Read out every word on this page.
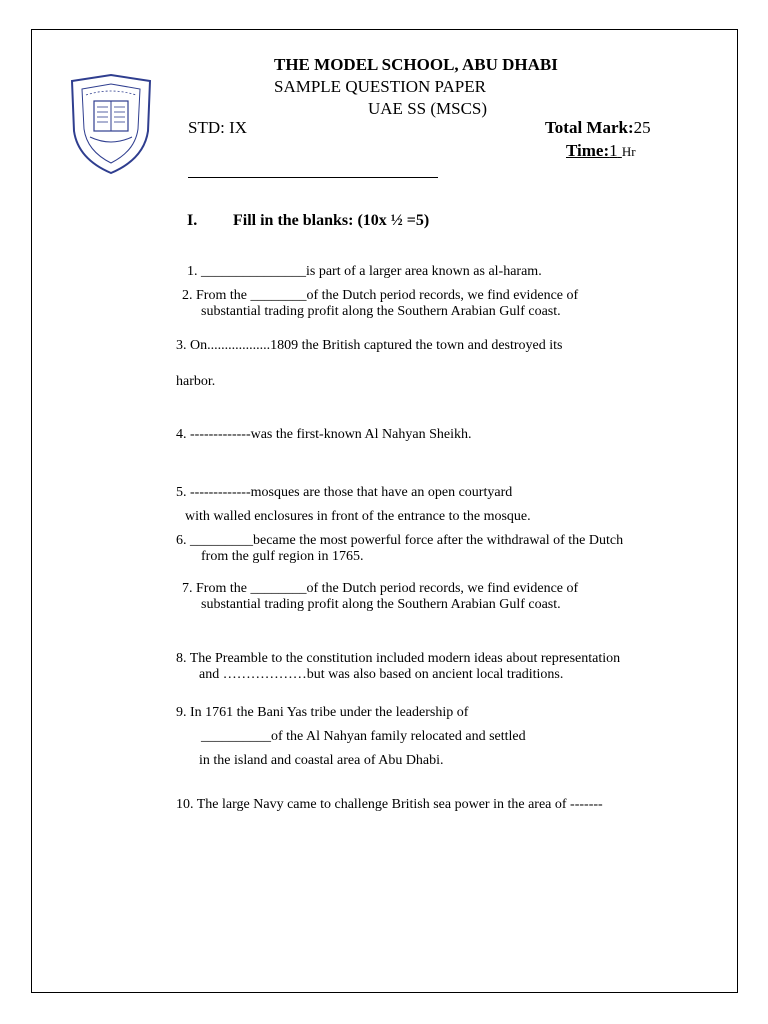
THE MODEL SCHOOL, ABU DHABI
SAMPLE QUESTION PAPER
UAE SS (MSCS)
STD: IX	Total Mark:25
Time:1 Hr
I. Fill in the blanks: (10x ½ =5)
1. _______________is part of a larger area known as al-haram.
2. From the ________of the Dutch period records, we find evidence of
substantial trading profit along the Southern Arabian Gulf coast.
3. On..................1809 the British captured the town and destroyed its
harbor.
4. -------------was the first-known Al Nahyan Sheikh.
5. -------------mosques are those that have an open courtyard
with walled enclosures in front of the entrance to the mosque.
6. _________became the most powerful force after the withdrawal of the Dutch
from the gulf region in 1765.
7. From the ________of the Dutch period records, we find evidence of
substantial trading profit along the Southern Arabian Gulf coast.
8. The Preamble to the constitution included modern ideas about representation
and ………………but was also based on ancient local traditions.
9. In 1761 the Bani Yas tribe under the leadership of
__________of the Al Nahyan family relocated and settled
in the island and coastal area of Abu Dhabi.
10. The large Navy came to challenge British sea power in the area of -------
